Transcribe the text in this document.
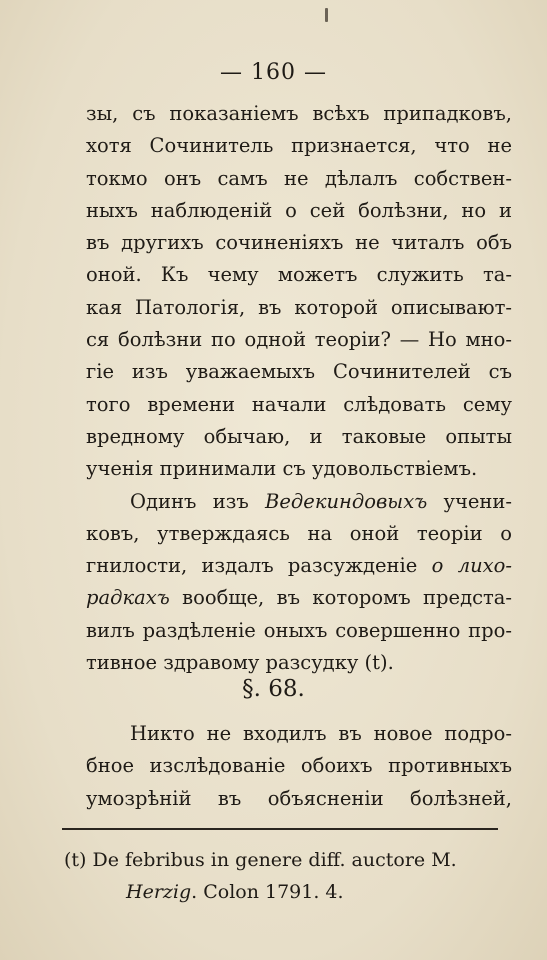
— 160 —
зы, съ показаніемъ всѣхъ припадковъ,
хотя Сочинитель признается, что не
токмо онъ самъ не дѣлалъ собствен-
ныхъ наблюденій о сей болѣзни, но и
въ другихъ сочиненіяхъ не читалъ объ
оной. Къ чему можетъ служить та-
кая Патологія, въ которой описывают-
ся болѣзни по одной теоріи? — Но мно-
гіе изъ уважаемыхъ Сочинителей съ
того времени начали слѣдовать сему
вредному обычаю, и таковые опыты
ученія принимали съ удовольствіемъ.
Одинъ изъ Ведекиндовыхъ учени-
ковъ, утверждаясь на оной теоріи о
гнилости, издалъ разсужденіе о лихо-
радкахъ вообще, въ которомъ предста-
вилъ раздѣленіе оныхъ совершенно про-
тивное здравому разсудку (t).
§. 68.
Никто не входилъ въ новое подро-
бное изслѣдованіе обоихъ противныхъ
умозрѣній въ объясненіи болѣзней,
(t) De febribus in genere diff. auctore M.
Herzig. Colon 1791. 4.
